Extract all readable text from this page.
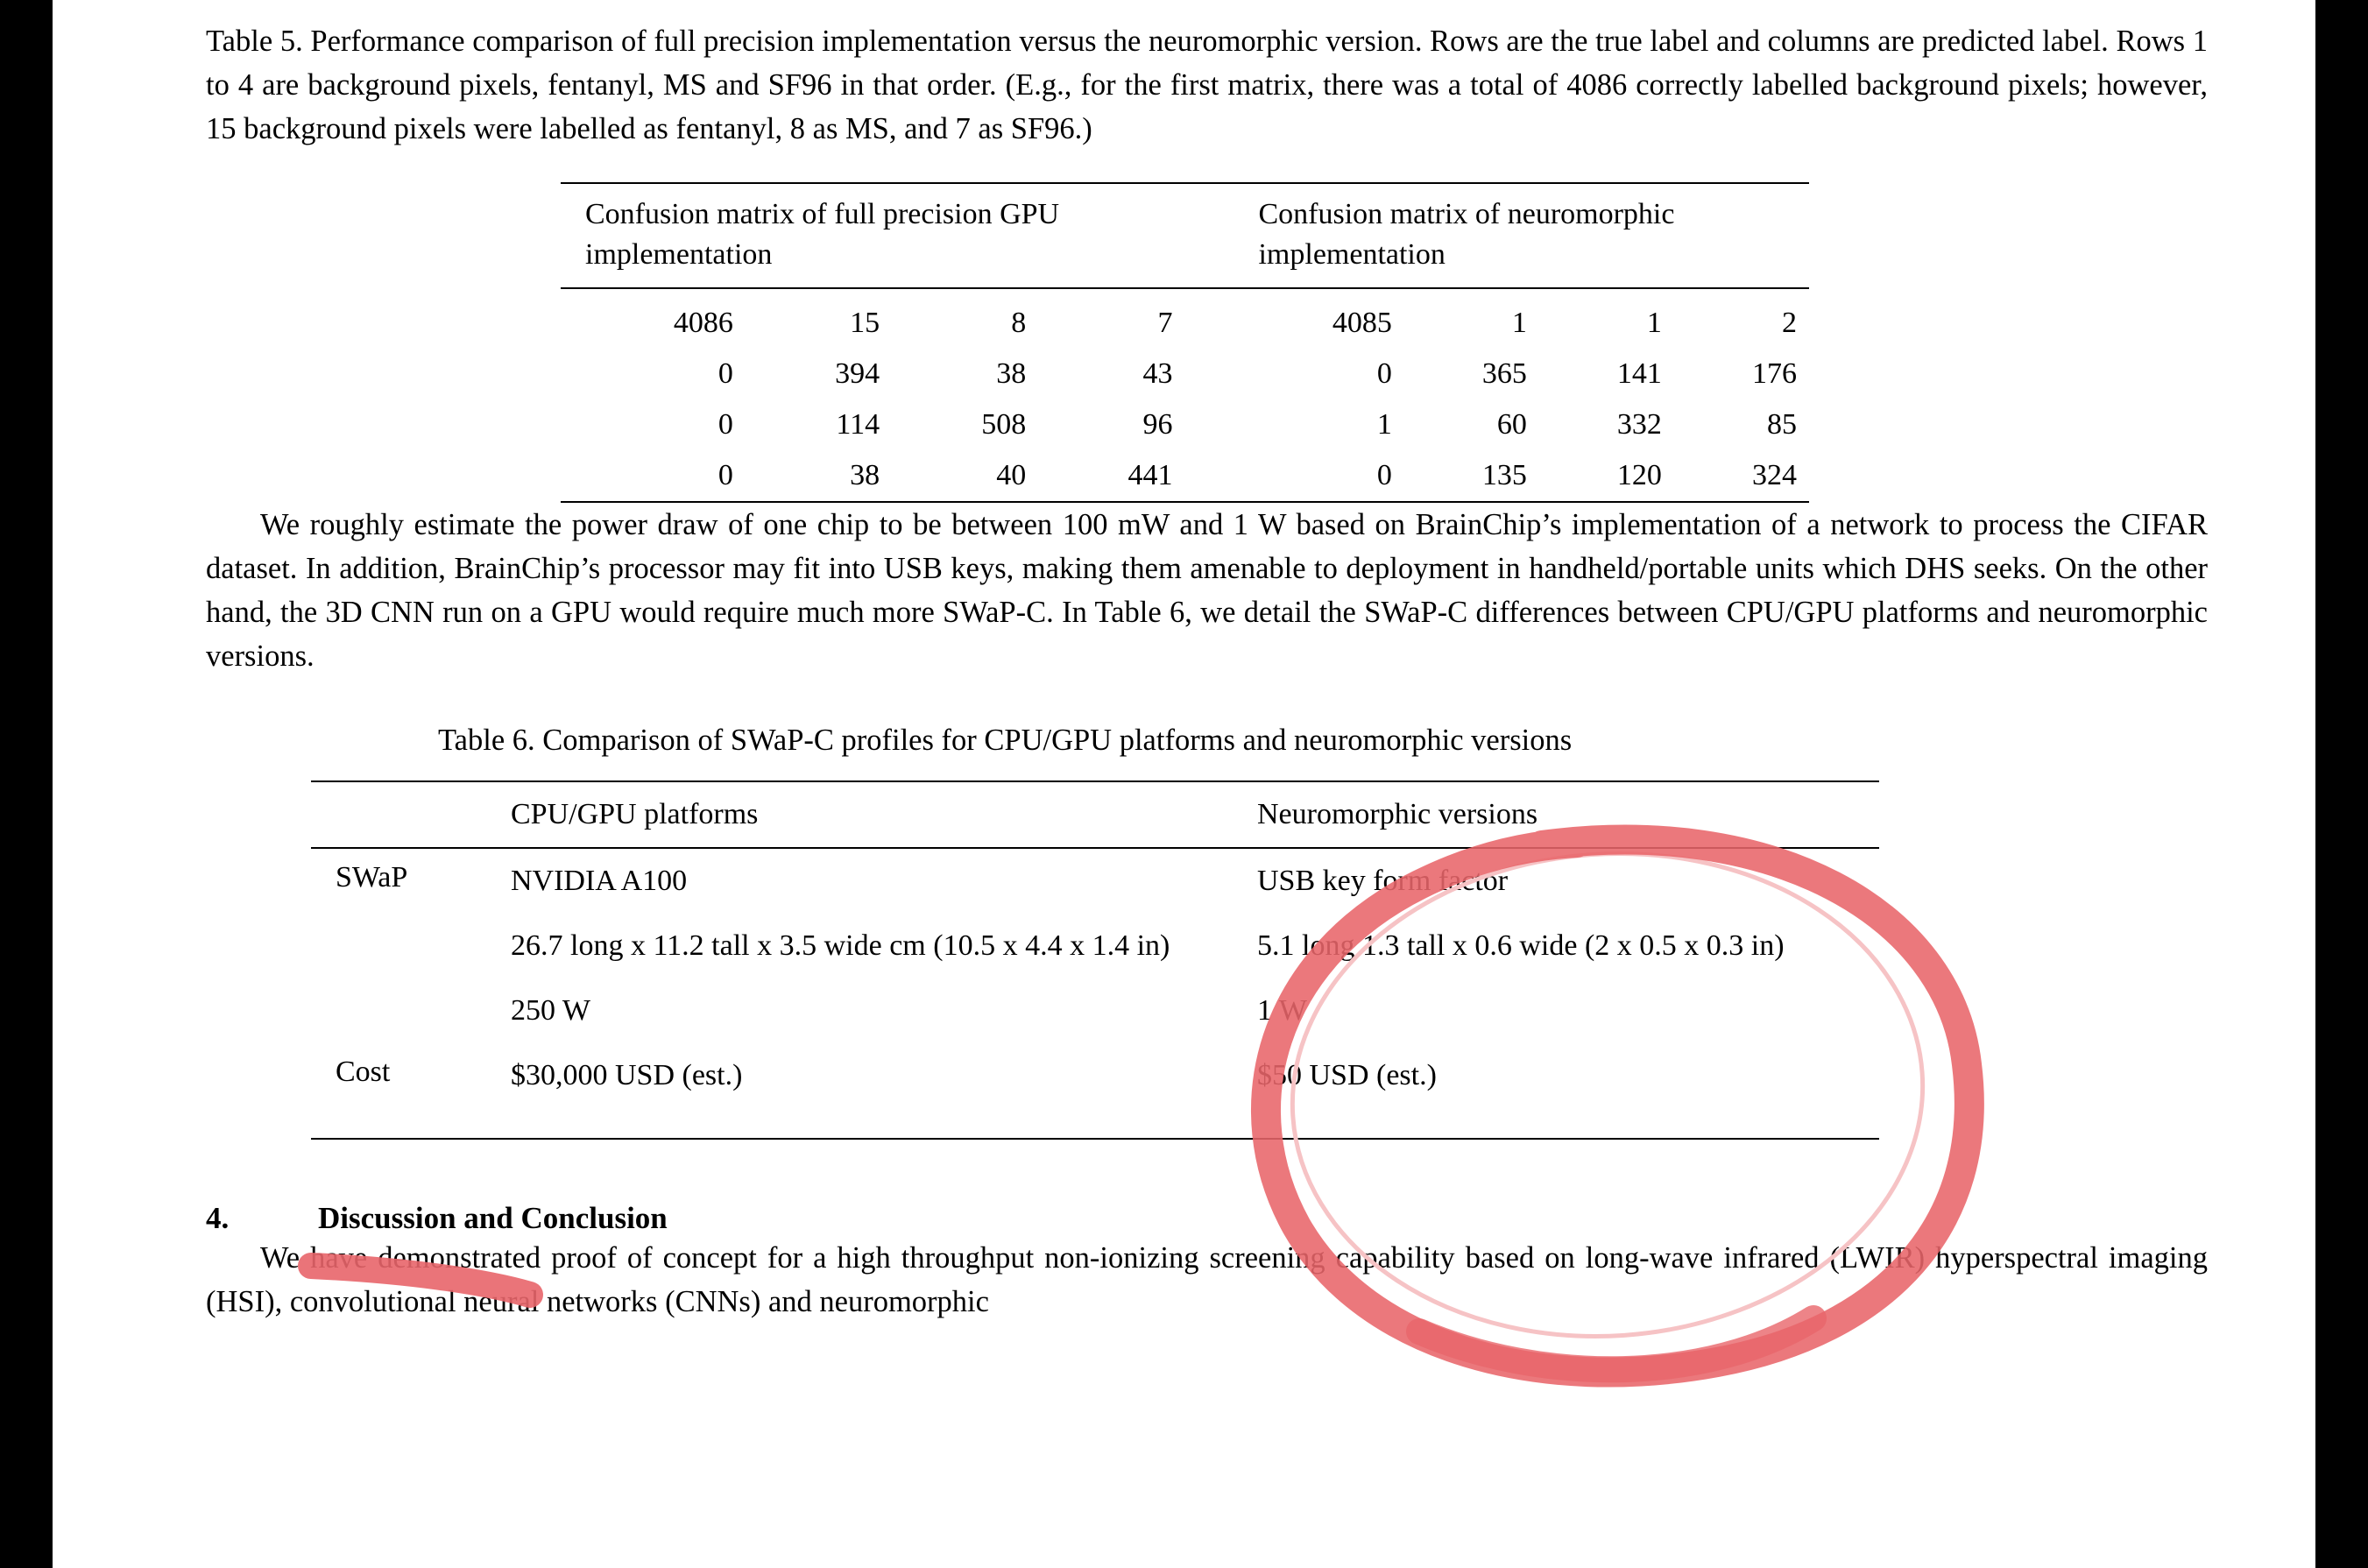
Table 5. Performance comparison of full precision implementation versus the neuromorphic version. Rows are the true label and columns are predicted label. Rows 1 to 4 are background pixels, fentanyl, MS and SF96 in that order. (E.g., for the first matrix, there was a total of 4086 correctly labelled background pixels; however, 15 background pixels were labelled as fentanyl, 8 as MS, and 7 as SF96.)
Confusion matrix of full precision GPU implementation					Confusion matrix of neuromorphic implementation			

4086	15	8	7		4085	1	1	2
0	394	38	43		0	365	141	176
0	114	508	96		1	60	332	85
0	38	40	441		0	135	120	324

We roughly estimate the power draw of one chip to be between 100 mW and 1 W based on BrainChip’s implementation of a network to process the CIFAR dataset. In addition, BrainChip’s processor may fit into USB keys, making them amenable to deployment in handheld/portable units which DHS seeks. On the other hand, the 3D CNN run on a GPU would require much more SWaP-C. In Table 6, we detail the SWaP-C differences between CPU/GPU platforms and neuromorphic versions.

Table 6. Comparison of SWaP-C profiles for CPU/GPU platforms and neuromorphic versions
	CPU/GPU platforms	Neuromorphic versions
SWaP	NVIDIA A100	USB key form factor
	26.7 long x 11.2 tall x 3.5 wide cm (10.5 x 4.4 x 1.4 in)	5.1 long 1.3 tall x 0.6 wide (2 x 0.5 x 0.3 in)
	250 W	1 W
Cost	$30,000 USD (est.)	$50 USD (est.)

4.	Discussion and Conclusion

We have demonstrated proof of concept for a high throughput non-ionizing screening capability based on long-wave infrared (LWIR) hyperspectral imaging (HSI), convolutional neural networks (CNNs) and neuromorphic
